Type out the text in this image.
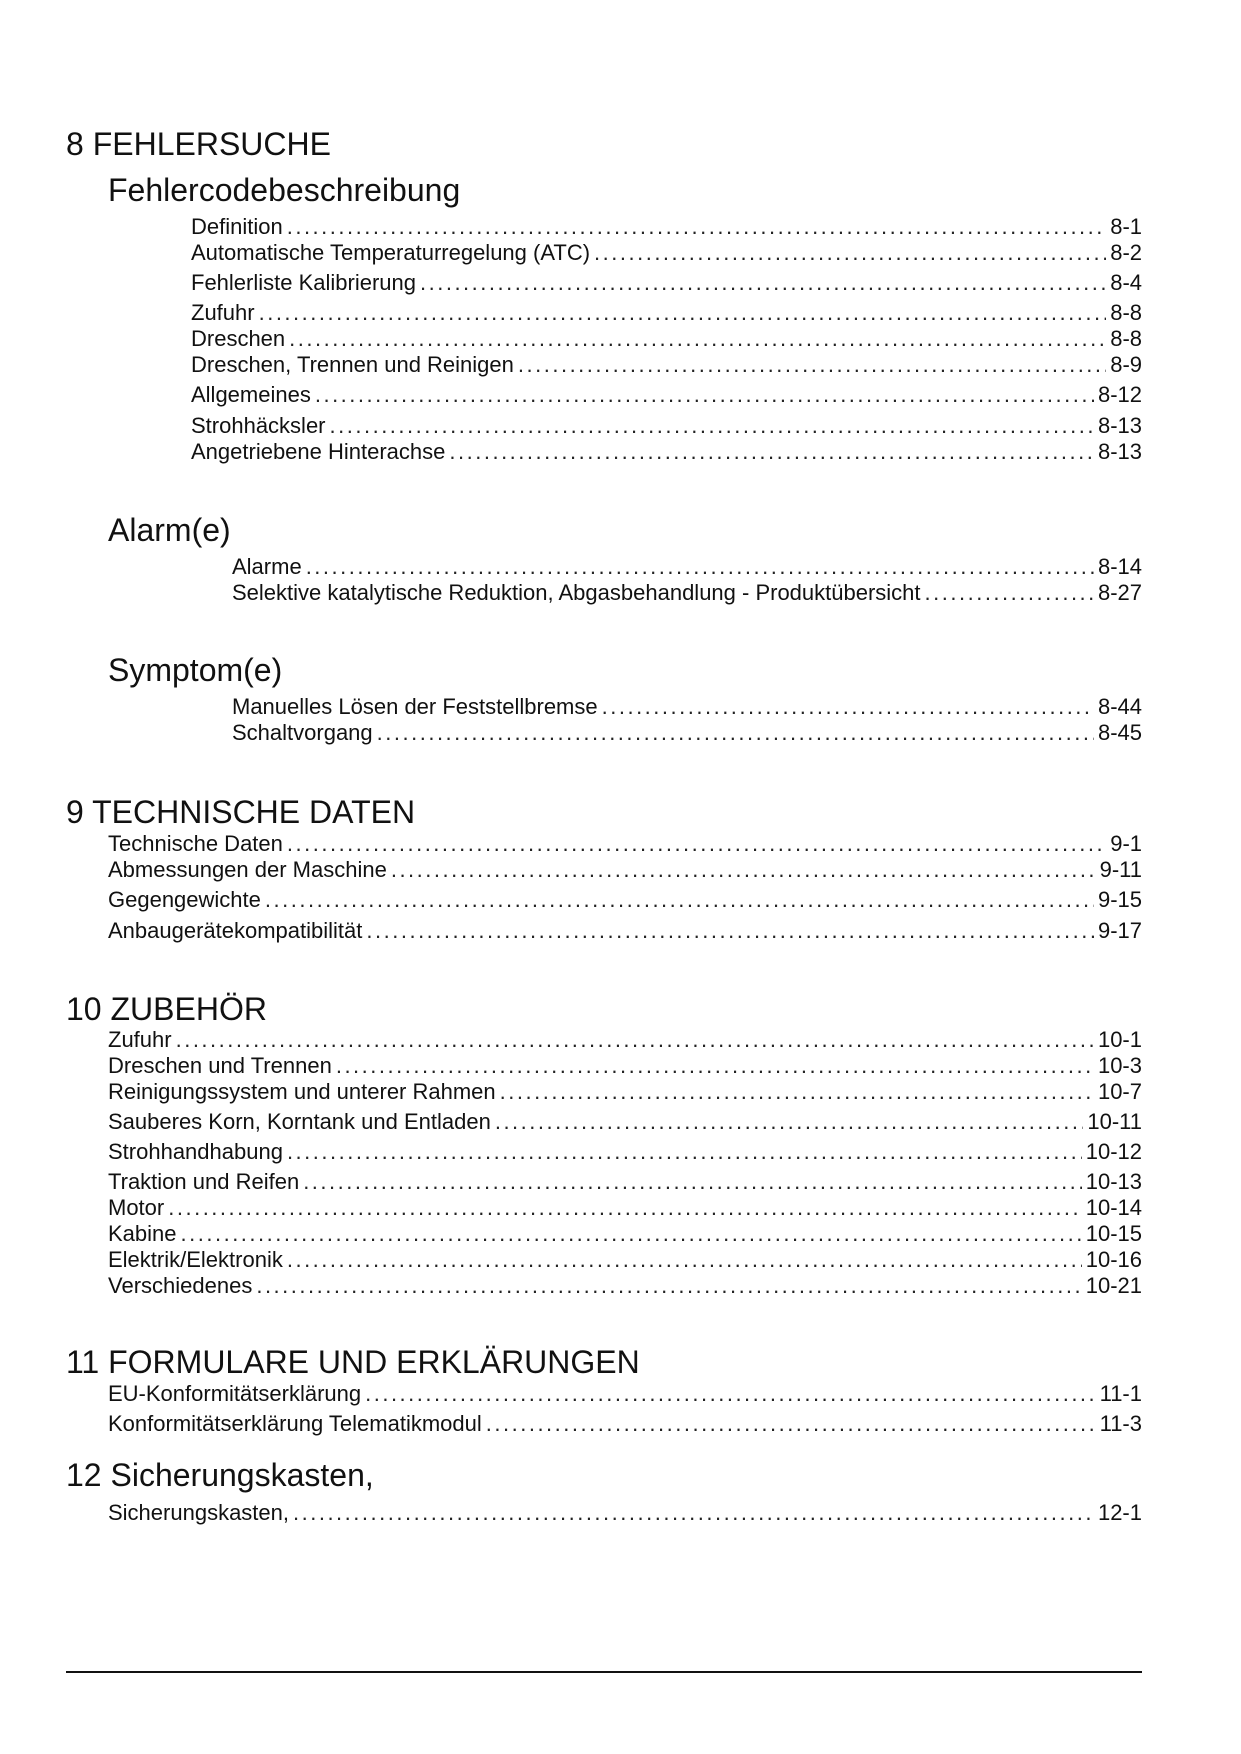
8 FEHLERSUCHE
Fehlercodebeschreibung
Definition .....	8-1
Automatische Temperaturregelung (ATC) .....	8-2
Fehlerliste Kalibrierung .....	8-4
Zufuhr .....	8-8
Dreschen .....	8-8
Dreschen, Trennen und Reinigen .....	8-9
Allgemeines .....	8-12
Strohhäcksler .....	8-13
Angetriebene Hinterachse .....	8-13
Alarm(e)
Alarme .....	8-14
Selektive katalytische Reduktion, Abgasbehandlung - Produktübersicht .....	8-27
Symptom(e)
Manuelles Lösen der Feststellbremse .....	8-44
Schaltvorgang .....	8-45
9 TECHNISCHE DATEN
Technische Daten .....	9-1
Abmessungen der Maschine .....	9-11
Gegengewichte .....	9-15
Anbaugerätekompatibilität .....	9-17
10 ZUBEHÖR
Zufuhr .....	10-1
Dreschen und Trennen .....	10-3
Reinigungssystem und unterer Rahmen .....	10-7
Sauberes Korn, Korntank und Entladen .....	10-11
Strohhandhabung .....	10-12
Traktion und Reifen .....	10-13
Motor .....	10-14
Kabine .....	10-15
Elektrik/Elektronik .....	10-16
Verschiedenes .....	10-21
11 FORMULARE UND ERKLÄRUNGEN
EU-Konformitätserklärung .....	11-1
Konformitätserklärung Telematikmodul .....	11-3
12 Sicherungskasten,
Sicherungskasten, .....	12-1
